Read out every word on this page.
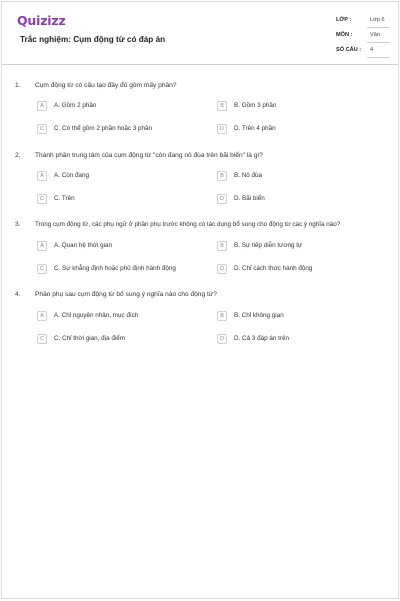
Quizizz
Trắc nghiệm: Cụm động từ có đáp án
LỚP :	Lớp 6
MÔN :	Văn
SỐ CÂU : 4
1. Cụm động từ có cấu tạo đầy đủ gồm mấy phần?
A	A. Gồm 2 phần	B	B. Gồm 3 phần
C	C. Có thể gồm 2 phần hoặc 3 phần	D	D. Trên 4 phần
2. Thành phần trung tâm của cụm động từ "còn đang nô đùa trên bãi biển" là gì?
A	A. Còn đang	B	B. Nô đùa
C	C. Trên	D	D. Bãi biển
3. Trong cụm động từ, các phụ ngữ ở phần phụ trước không có tác dụng bổ sung cho động từ các ý nghĩa nào?
A	A. Quan hệ thời gian	B	B. Sự tiếp diễn tương tự
C	C. Sự khẳng định hoặc phủ định hành động	D	D. Chỉ cách thức hành động
4. Phần phụ sau cụm động từ bổ sung ý nghĩa nào cho động từ?
A	A. Chỉ nguyên nhân, mục đích	B	B. Chỉ không gian
C	C. Chỉ thời gian, địa điểm	D	D. Cả 3 đáp án trên
